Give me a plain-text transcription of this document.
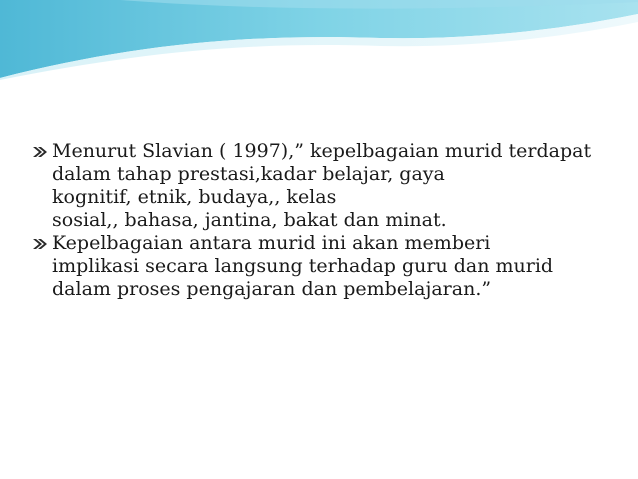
Menurut Slavian ( 1997),” kepelbagaian murid terdapat
dalam tahap prestasi,kadar belajar, gaya
kognitif, etnik, budaya,, kelas
sosial,, bahasa, jantina, bakat dan minat.
Kepelbagaian antara murid ini akan memberi
implikasi secara langsung terhadap guru dan murid
dalam proses pengajaran dan pembelajaran.”
